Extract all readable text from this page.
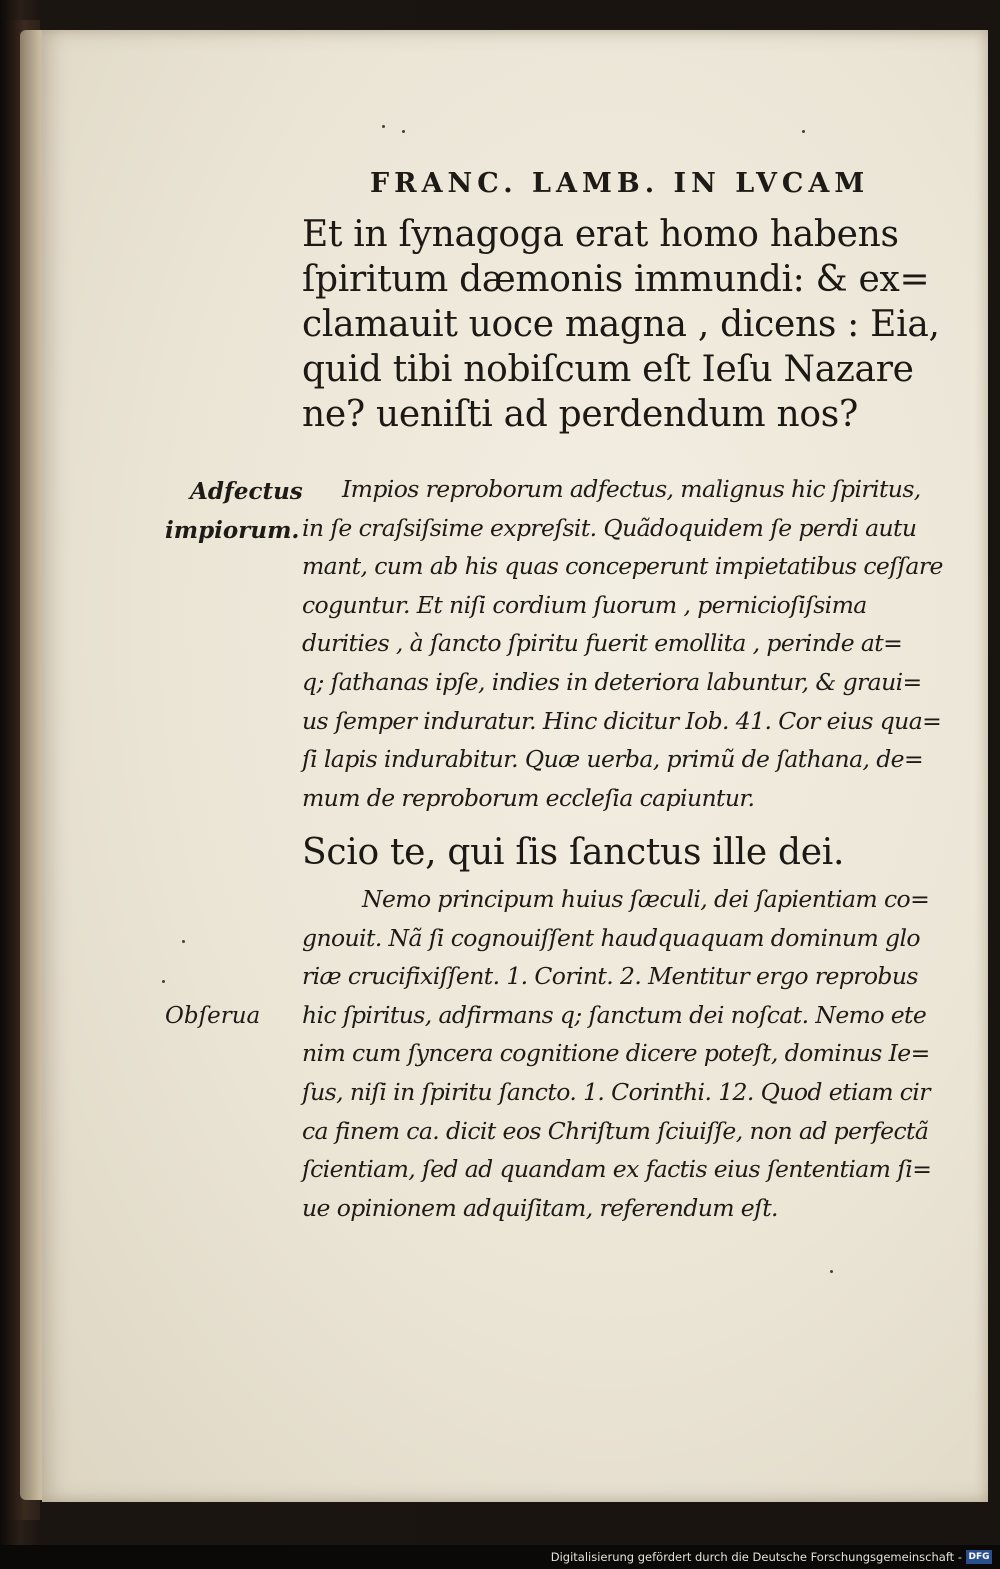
FRANC. LAMB. IN LVCAM
Et in ſynagoga erat homo habens
ſpiritum dæmonis immundi: & ex=
clamauit uoce magna , dicens : Eia,
quid tibi nobiſcum eſt Ieſu Nazare
ne? ueniſti ad perdendum nos?
Adfectus
impiorum.
Impios reproborum adfectus, malignus hic ſpiritus,
in ſe craſsiſsime expreſsit. Quãdoquidem ſe perdi autu
mant, cum ab his quas conceperunt impietatibus ceſſare
coguntur. Et niſi cordium ſuorum , pernicioſiſsima
durities , à ſancto ſpiritu fuerit emollita , perinde at=
q; ſathanas ipſe, indies in deteriora labuntur, & graui=
us ſemper induratur. Hinc dicitur Iob. 41. Cor eius qua=
ſi lapis indurabitur. Quæ uerba, primũ de ſathana, de=
mum de reproborum eccleſia capiuntur.
Scio te, qui ſis ſanctus ille dei.
Obſerua
Nemo principum huius ſæculi, dei ſapientiam co=
gnouit. Nã ſi cognouiſſent haudquaquam dominum glo
riæ crucifixiſſent. 1. Corint. 2. Mentitur ergo reprobus
hic ſpiritus, adfirmans q; ſanctum dei noſcat. Nemo ete
nim cum ſyncera cognitione dicere poteſt, dominus Ie=
ſus, niſi in ſpiritu ſancto. 1. Corinthi. 12. Quod etiam cir
ca finem ca. dicit eos Chriſtum ſciuiſſe, non ad perfectã
ſcientiam, ſed ad quandam ex factis eius ſententiam ſi=
ue opinionem adquiſitam, referendum eſt.
Digitalisierung gefördert durch die Deutsche Forschungsgemeinschaft - DFG
